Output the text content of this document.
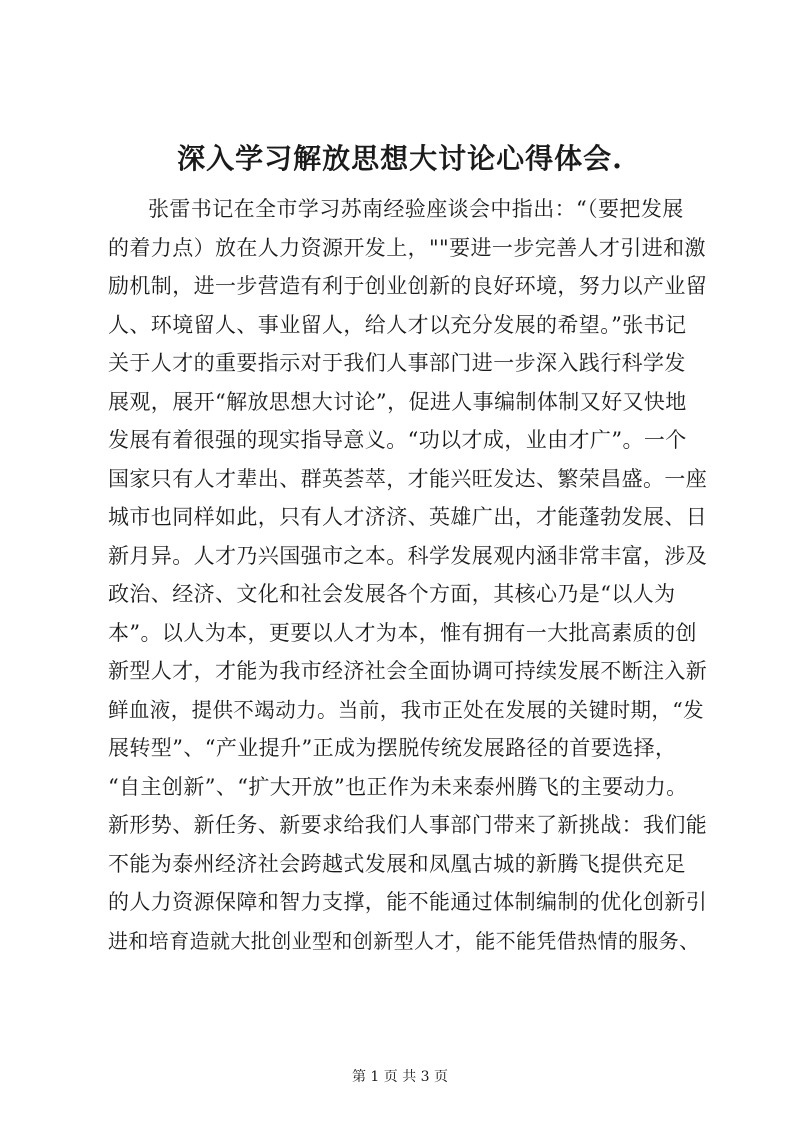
深入学习解放思想大讨论心得体会.
张雷书记在全市学习苏南经验座谈会中指出：“（要把发展
的着力点）放在人力资源开发上，""要进一步完善人才引进和激
励机制，进一步营造有利于创业创新的良好环境，努力以产业留
人、环境留人、事业留人，给人才以充分发展的希望。”张书记
关于人才的重要指示对于我们人事部门进一步深入践行科学发
展观，展开“解放思想大讨论”，促进人事编制体制又好又快地
发展有着很强的现实指导意义。“功以才成，业由才广”。一个
国家只有人才辈出、群英荟萃，才能兴旺发达、繁荣昌盛。一座
城市也同样如此，只有人才济济、英雄广出，才能蓬勃发展、日
新月异。人才乃兴国强市之本。科学发展观内涵非常丰富，涉及
政治、经济、文化和社会发展各个方面，其核心乃是“以人为
本”。以人为本，更要以人才为本，惟有拥有一大批高素质的创
新型人才，才能为我市经济社会全面协调可持续发展不断注入新
鲜血液，提供不竭动力。当前，我市正处在发展的关键时期，“发
展转型”、“产业提升”正成为摆脱传统发展路径的首要选择，
“自主创新”、“扩大开放”也正作为未来泰州腾飞的主要动力。
新形势、新任务、新要求给我们人事部门带来了新挑战：我们能
不能为泰州经济社会跨越式发展和凤凰古城的新腾飞提供充足
的人力资源保障和智力支撑，能不能通过体制编制的优化创新引
进和培育造就大批创业型和创新型人才，能不能凭借热情的服务、
第 1 页 共 3 页
